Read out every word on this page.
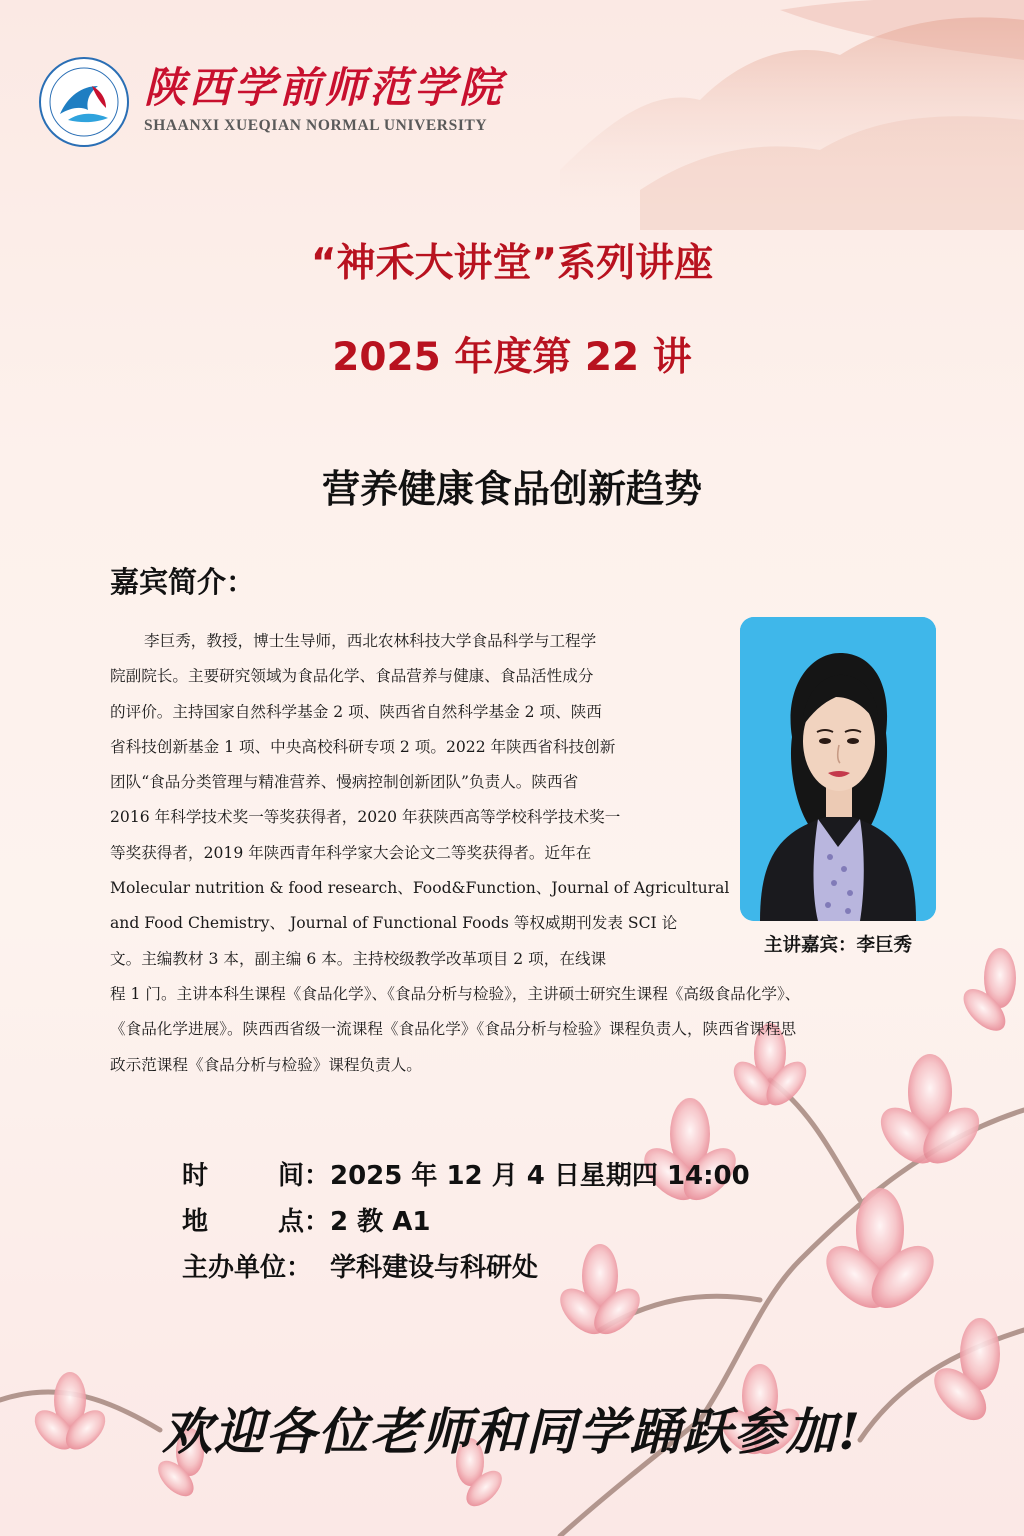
陕西学前师范学院

SHAANXI XUEQIAN NORMAL UNIVERSITY

“神禾大讲堂”系列讲座

2025 年度第 22 讲

营养健康食品创新趋势

嘉宾简介：

李巨秀，教授，博士生导师，西北农林科技大学食品科学与工程学
院副院长。主要研究领域为食品化学、食品营养与健康、食品活性成分
的评价。主持国家自然科学基金 2 项、陕西省自然科学基金 2 项、陕西
省科技创新基金 1 项、中央高校科研专项 2 项。2022 年陕西省科技创新
团队“食品分类管理与精准营养、慢病控制创新团队”负责人。陕西省
2016 年科学技术奖一等奖获得者，2020 年获陕西高等学校科学技术奖一
等奖获得者，2019 年陕西青年科学家大会论文二等奖获得者。近年在
Molecular nutrition & food research、Food&Function、Journal of Agricultural
and Food Chemistry、 Journal of Functional Foods 等权威期刊发表 SCI 论
文。主编教材 3 本，副主编 6 本。主持校级教学改革项目 2 项，在线课
程 1 门。主讲本科生课程《食品化学》、《食品分析与检验》，主讲硕士研究生课程《高级食品化学》、
《食品化学进展》。陕西西省级一流课程《食品化学》《食品分析与检验》课程负责人，陕西省课程思
政示范课程《食品分析与检验》课程负责人。

主讲嘉宾：李巨秀

时	间： 2025 年 12 月 4 日星期四 14:00
地	点： 2 教 A1
主办单位： 学科建设与科研处

欢迎各位老师和同学踊跃参加!
